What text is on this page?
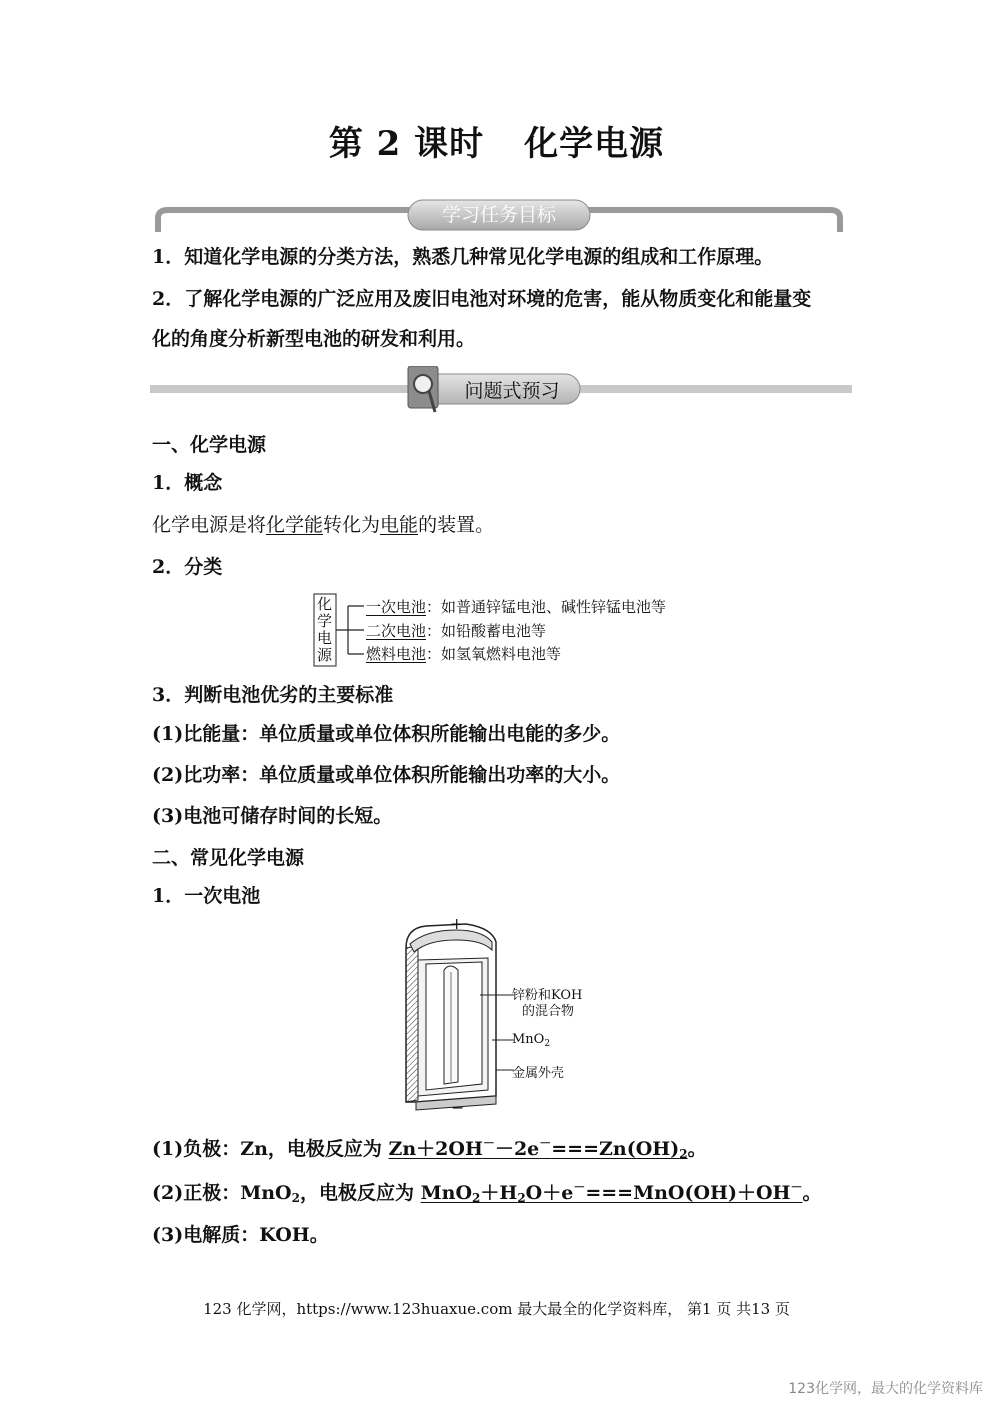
第 2 课时 化学电源
学习任务目标
1．知道化学电源的分类方法，熟悉几种常见化学电源的组成和工作原理。
2．了解化学电源的广泛应用及废旧电池对环境的危害，能从物质变化和能量变
化的角度分析新型电池的研发和利用。
问题式预习
一、化学电源
1．概念
化学电源是将化学能转化为电能的装置。
2．分类
化
学
电
源
一次电池：如普通锌锰电池、碱性锌锰电池等
二次电池：如铅酸蓄电池等
燃料电池：如氢氧燃料电池等
3．判断电池优劣的主要标准
(1)比能量：单位质量或单位体积所能输出电能的多少。
(2)比功率：单位质量或单位体积所能输出功率的大小。
(3)电池可储存时间的长短。
二、常见化学电源
1．一次电池
+
−
锌粉和KOH
的混合物
MnO$_2$
金属外壳
(1)负极：Zn，电极反应为 $Zn+2OH^--2e^-===Zn(OH)_2$。
(2)正极：MnO$_2$，电极反应为 $MnO_2+H_2O+e^-===MnO(OH)+OH^-$。
(3)电解质：KOH。
123 化学网，https://www.123huaxue.com 最大最全的化学资料库， 第1 页 共13 页
123化学网，最大的化学资料库
